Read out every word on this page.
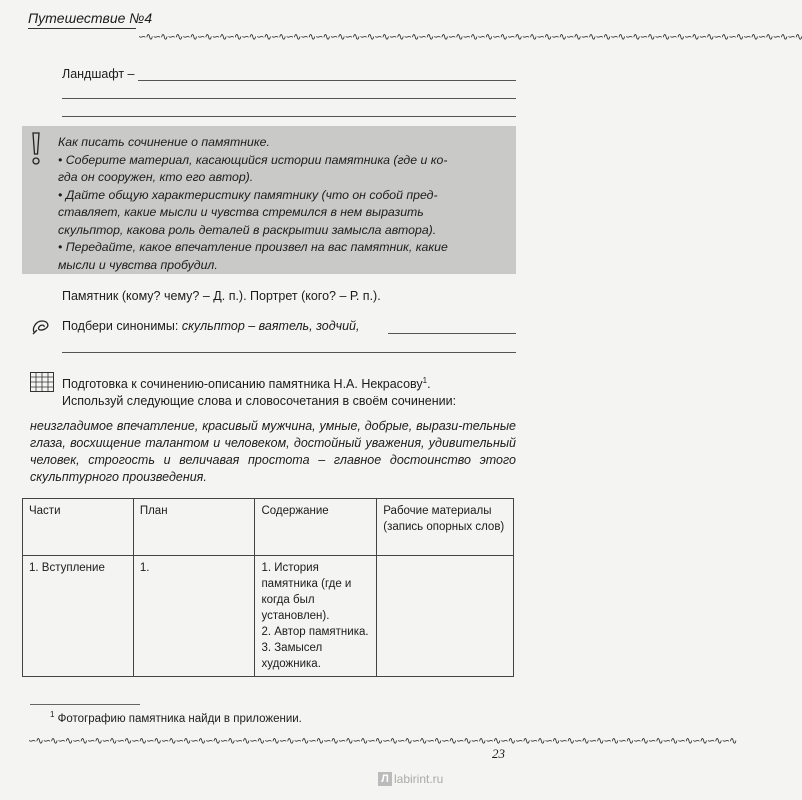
Путешествие №4
∽∿∽∿∽∿∽∿∽∿∽∿∽∿∽∿∽∿∽∿∽∿∽∿∽∿∽∿∽∿∽∿∽∿∽∿∽∿∽∿∽∿∽∿∽∿∽∿∽∿∽∿∽∿∽∿∽∿∽∿∽∿∽∿∽∿∽∿∽∿∽∿∽∿∽∿∽∿∽∿∽∿∽∿∽∿∽∿∽∿
Ландшафт –
Как писать сочинение о памятнике.
• Соберите материал, касающийся истории памятника (где и ко-
гда он сооружен, кто его автор).
• Дайте общую характеристику памятнику (что он собой пред-
ставляет, какие мысли и чувства стремился в нем выразить
скульптор, какова роль деталей в раскрытии замысла автора).
• Передайте, какое впечатление произвел на вас памятник, какие
мысли и чувства пробудил.
Памятник (кому? чему? – Д. п.). Портрет (кого? – Р. п.).
Подбери синонимы: скульптор – ваятель, зодчий,
Подготовка к сочинению-описанию памятника Н.А. Некрасову$^1$.
Используй следующие слова и словосочетания в своём сочинении:
неизгладимое впечатление, красивый мужчина, умные, добрые, вырази-тельные глаза, восхищение талантом и человеком, достойный уважения, удивительный человек, строгость и величавая простота – главное достоинство этого скульптурного произведения.
Части	План	Содержание	Рабочие материалы (запись опорных слов)
1. Вступление	1.	1. История памятника (где и когда был установлен).
2. Автор памятника.
3. Замысел художника.	

$^1$ Фотографию памятника найди в приложении.
∽∿∽∿∽∿∽∿∽∿∽∿∽∿∽∿∽∿∽∿∽∿∽∿∽∿∽∿∽∿∽∿∽∿∽∿∽∿∽∿∽∿∽∿∽∿∽∿∽∿∽∿∽∿∽∿∽∿∽∿∽∿∽∿∽∿∽∿∽∿∽∿∽∿∽∿∽∿∽∿∽∿∽∿∽∿∽∿∽∿∽∿∽∿∽∿
23
Л labirint.ru
